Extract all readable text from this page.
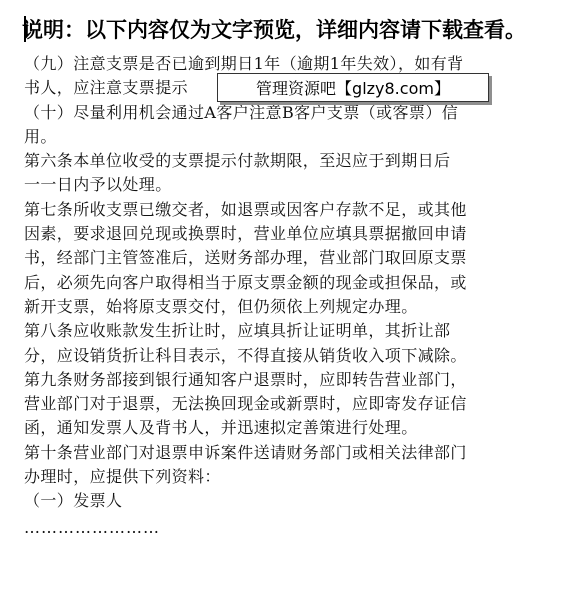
说明：以下内容仅为文字预览，详细内容请下载查看。
（九）注意支票是否已逾到期日1年（逾期1年失效），如有背
书人，应注意支票提示
（十）尽量利用机会通过A客户注意B客户支票（或客票）信
用。
第六条本单位收受的支票提示付款期限，至迟应于到期日后
一一日内予以处理。
第七条所收支票已缴交者，如退票或因客户存款不足，或其他
因素，要求退回兑现或换票时，营业单位应填具票据撤回申请
书，经部门主管签准后，送财务部办理，营业部门取回原支票
后，必须先向客户取得相当于原支票金额的现金或担保品，或
新开支票，始将原支票交付，但仍须依上列规定办理。
第八条应收账款发生折让时，应填具折让证明单，其折让部
分，应设销货折让科目表示，不得直接从销货收入项下减除。
第九条财务部接到银行通知客户退票时，应即转告营业部门，
营业部门对于退票，无法换回现金或新票时，应即寄发存证信
函，通知发票人及背书人，并迅速拟定善策进行处理。
第十条营业部门对退票申诉案件送请财务部门或相关法律部门
办理时，应提供下列资料：
（一）发票人
……………………
管理资源吧【glzy8.com】
